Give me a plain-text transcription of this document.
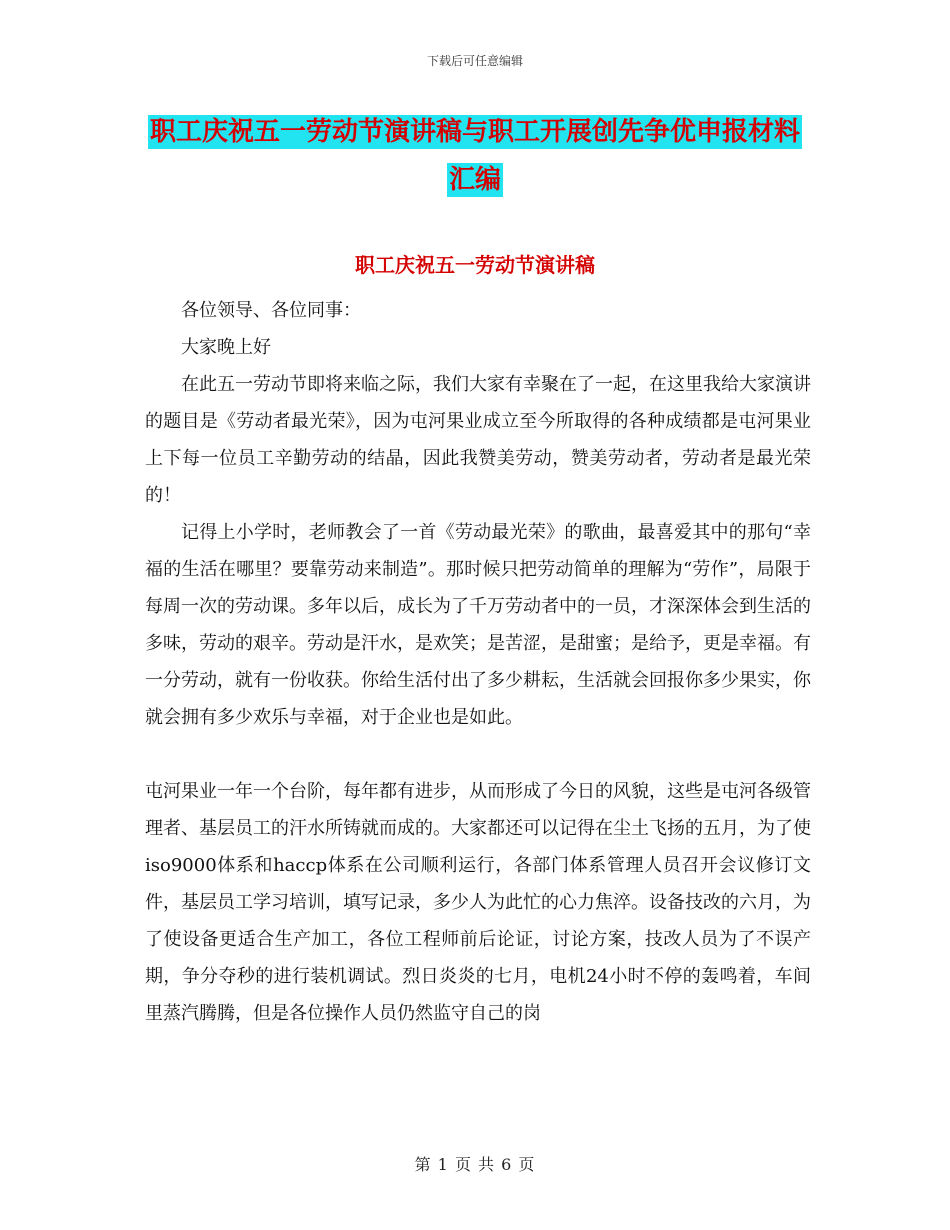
下载后可任意编辑
职工庆祝五一劳动节演讲稿与职工开展创先争优申报材料汇编
职工庆祝五一劳动节演讲稿

各位领导、各位同事：

大家晚上好

在此五一劳动节即将来临之际，我们大家有幸聚在了一起，在这里我给大家演讲的题目是《劳动者最光荣》，因为屯河果业成立至今所取得的各种成绩都是屯河果业上下每一位员工辛勤劳动的结晶，因此我赞美劳动，赞美劳动者，劳动者是最光荣的！

记得上小学时，老师教会了一首《劳动最光荣》的歌曲，最喜爱其中的那句“幸福的生活在哪里？要靠劳动来制造”。那时候只把劳动简单的理解为“劳作”，局限于每周一次的劳动课。多年以后，成长为了千万劳动者中的一员，才深深体会到生活的多味，劳动的艰辛。劳动是汗水，是欢笑；是苦涩，是甜蜜；是给予，更是幸福。有一分劳动，就有一份收获。你给生活付出了多少耕耘，生活就会回报你多少果实，你就会拥有多少欢乐与幸福，对于企业也是如此。

屯河果业一年一个台阶，每年都有进步，从而形成了今日的风貌，这些是屯河各级管理者、基层员工的汗水所铸就而成的。大家都还可以记得在尘土飞扬的五月，为了使iso9000体系和haccp体系在公司顺利运行，各部门体系管理人员召开会议修订文件，基层员工学习培训，填写记录，多少人为此忙的心力焦淬。设备技改的六月，为了使设备更适合生产加工，各位工程师前后论证，讨论方案，技改人员为了不误产期，争分夺秒的进行装机调试。烈日炎炎的七月，电机24小时不停的轰鸣着，车间里蒸汽腾腾，但是各位操作人员仍然监守自己的岗

第 1 页 共 6 页
